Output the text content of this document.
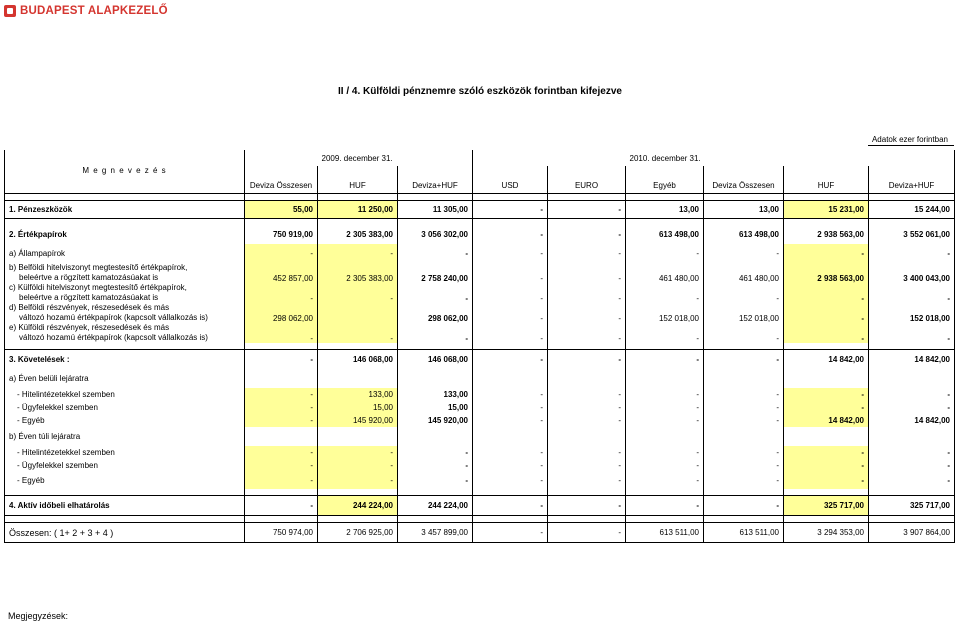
BUDAPEST ALAPKEZELŐ
II / 4. Külföldi pénznemre szóló eszközök forintban kifejezve
Adatok ezer forintban

		2009. december 31.				2010. december 31.			
M e g n e v e z é s	Deviza Összesen	HUF	Deviza+HUF	USD	EURO	Egyéb	Deviza Összesen	HUF	Deviza+HUF

1. Pénzeszközök	55,00	11 250,00	11 305,00	-	-	13,00	13,00	15 231,00	15 244,00

2. Értékpapírok	750 919,00	2 305 383,00	3 056 302,00	-	-	613 498,00	613 498,00	2 938 563,00	3 552 061,00
a) Állampapírok	-	-	-	-	-	-	-	-	-

b) Belföldi hitelviszonyt megtestesítő értékpapírok,
beleértve a rögzített kamatozásúakat is	452 857,00	2 305 383,00	2 758 240,00	-	-	461 480,00	461 480,00	2 938 563,00	3 400 043,00

c) Külföldi hitelviszonyt megtestesítő értékpapírok,
beleértve a rögzített kamatozásúakat is	-	-	-	-	-	-	-	-	-

d) Belföldi részvények, részesedések és más
változó hozamú értékpapírok (kapcsolt vállalkozás is)	298 062,00		298 062,00	-	-	152 018,00	152 018,00	-	152 018,00

e) Külföldi részvények, részesedések és más
változó hozamú értékpapírok (kapcsolt vállalkozás is)	-	-	-	-	-	-	-	-	-

3. Követelések :	-	146 068,00	146 068,00	-	-	-	-	14 842,00	14 842,00
a) Éven belüli lejáratra									
- Hitelintézetekkel szemben	-	133,00	133,00	-	-	-	-	-	-
- Ügyfelekkel szemben	-	15,00	15,00	-	-	-	-	-	-
- Egyéb	-	145 920,00	145 920,00	-	-	-	-	14 842,00	14 842,00
b) Éven túli lejáratra									
- Hitelintézetekkel szemben	-	-	-	-	-	-	-	-	-
- Ügyfelekkel szemben	-	-	-	-	-	-	-	-	-
- Egyéb	-	-	-	-	-	-	-	-	-

4. Aktív időbeli elhatárolás	-	244 224,00	244 224,00	-	-	-	-	325 717,00	325 717,00

Összesen: ( 1+ 2 + 3 + 4 )	750 974,00	2 706 925,00	3 457 899,00	-	-	613 511,00	613 511,00	3 294 353,00	3 907 864,00
Megjegyzések:
